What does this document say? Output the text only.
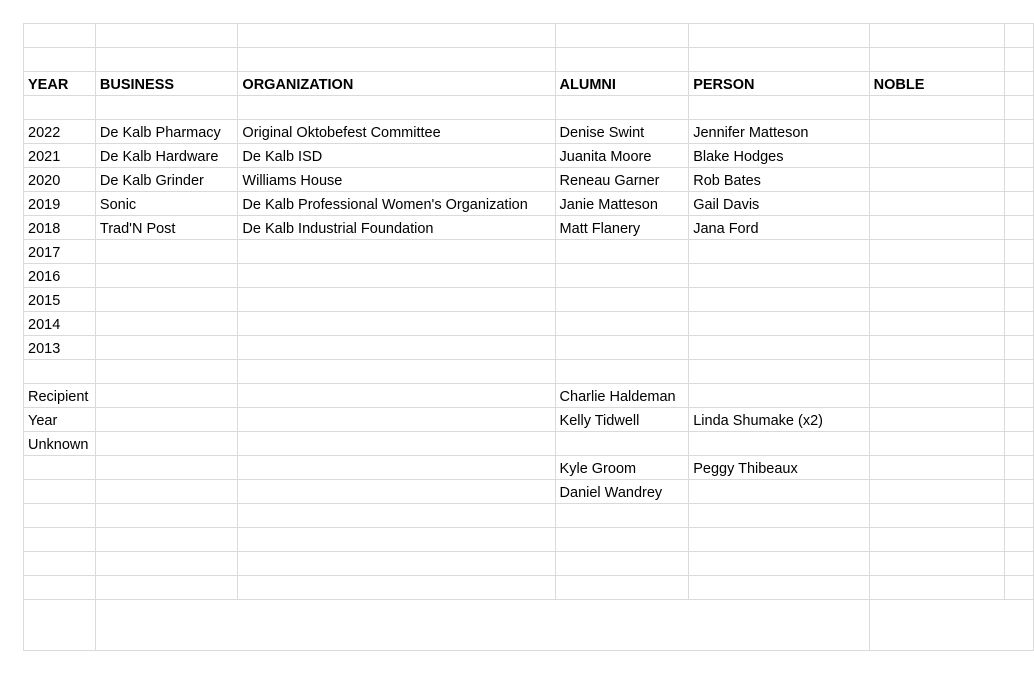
YEAR	BUSINESS	ORGANIZATION	ALUMNI	PERSON	NOBLE	

2022	De Kalb Pharmacy	Original Oktobefest Committee	Denise Swint	Jennifer Matteson		
2021	De Kalb Hardware	De Kalb ISD	Juanita Moore	Blake Hodges		
2020	De Kalb Grinder	Williams House	Reneau Garner	Rob Bates		
2019	Sonic	De Kalb Professional Women's Organization	Janie Matteson	Gail Davis		
2018	Trad'N Post	De Kalb Industrial Foundation	Matt Flanery	Jana Ford		
2017						
2016						
2015						
2014						
2013						

Recipient			Charlie Haldeman			
Year			Kelly Tidwell	Linda Shumake (x2)		
Unknown						
			Kyle Groom	Peggy Thibeaux		
			Daniel Wandrey			
